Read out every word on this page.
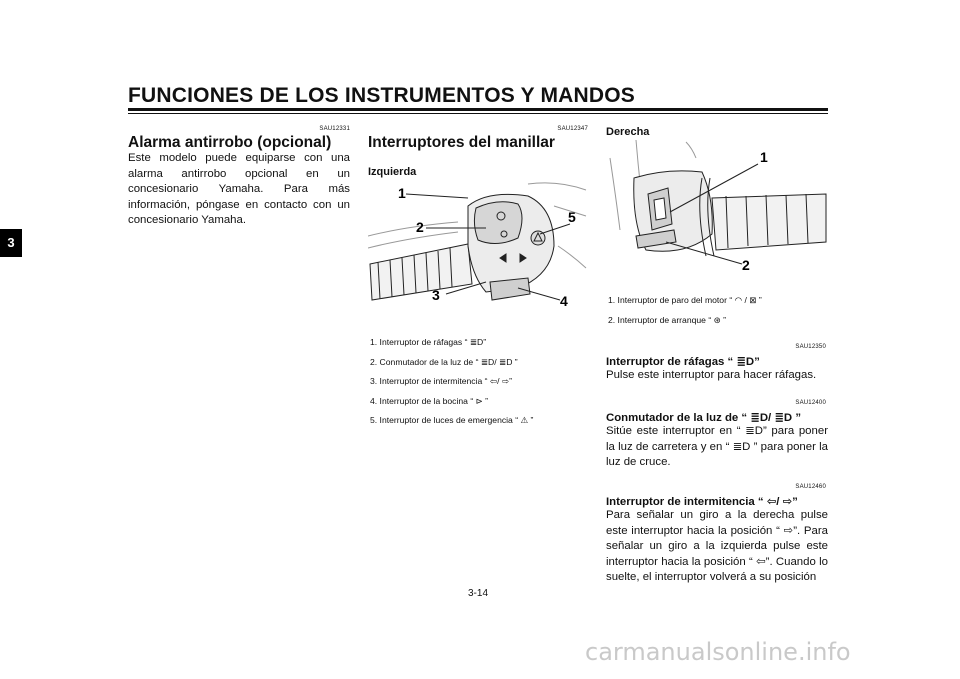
FUNCIONES DE LOS INSTRUMENTOS Y MANDOS
3
SAU12331
Alarma antirrobo (opcional)

Este modelo puede equiparse con una alarma antirrobo opcional en un concesionario Yamaha. Para más información, póngase en contacto con un concesionario Yamaha.

SAU12347
Interruptores del manillar
Izquierda
1
2
3	4
5
1. Interruptor de ráfagas “ ≣D”
2. Conmutador de la luz de “ ≣D/ ≣D ”
3. Interruptor de intermitencia “ ⇦/ ⇨”
4. Interruptor de la bocina “ ⊳ ”
5. Interruptor de luces de emergencia “ ⚠ ”
Derecha
1
2
1. Interruptor de paro del motor “ ◠ / ⊠ ”
2. Interruptor de arranque “ ⊛ ”
SAU12350
Interruptor de ráfagas “ ≣D”

Pulse este interruptor para hacer ráfagas.

SAU12400
Conmutador de la luz de “ ≣D/ ≣D ”

Sitúe este interruptor en “ ≣D” para poner la luz de carretera y en “ ≣D ” para poner la luz de cruce.

SAU12460
Interruptor de intermitencia “ ⇦/ ⇨”

Para señalar un giro a la derecha pulse este interruptor hacia la posición “ ⇨”. Para señalar un giro a la izquierda pulse este interruptor hacia la posición “ ⇦”. Cuando lo suelte, el interruptor volverá a su posición

3-14
carmanualsonline.info
